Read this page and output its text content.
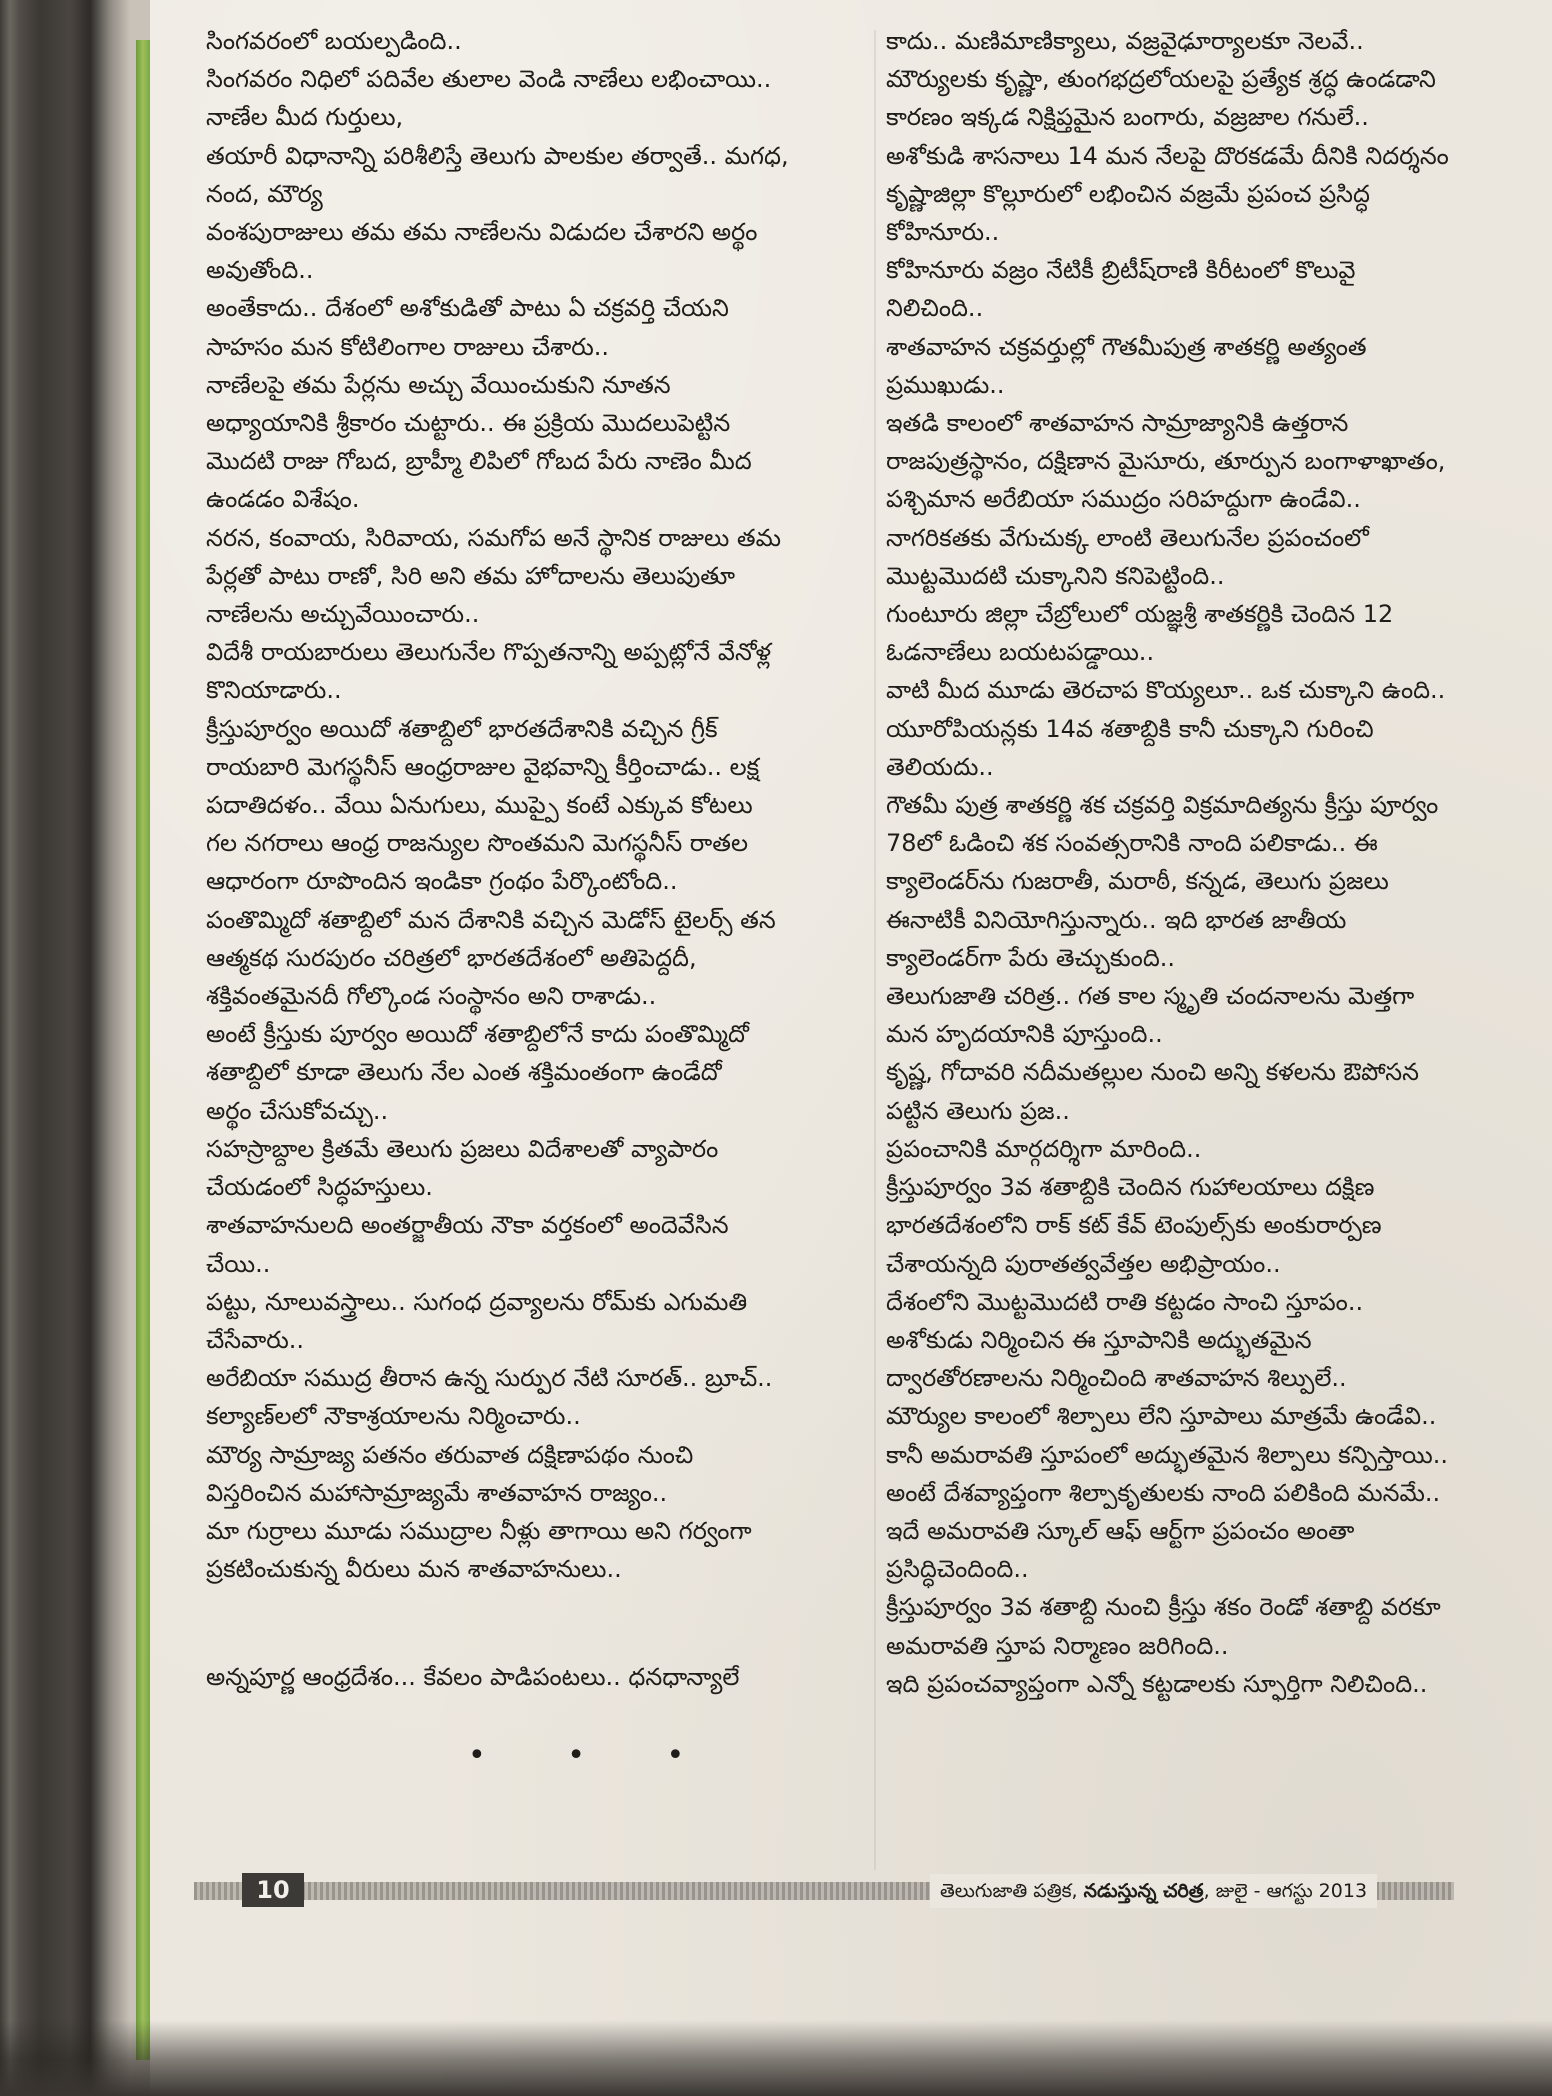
సింగవరంలో బయల్పడింది..
సింగవరం నిధిలో పదివేల తులాల వెండి నాణేలు లభించాయి..
నాణేల మీద గుర్తులు,
తయారీ విధానాన్ని పరిశీలిస్తే తెలుగు పాలకుల తర్వాతే.. మగధ,
నంద, మౌర్య
వంశపురాజులు తమ తమ నాణేలను విడుదల చేశారని అర్థం
అవుతోంది..
అంతేకాదు.. దేశంలో అశోకుడితో పాటు ఏ చక్రవర్తి చేయని
సాహసం మన కోటిలింగాల రాజులు చేశారు..
నాణేలపై తమ పేర్లను అచ్చు వేయించుకుని నూతన
అధ్యాయానికి శ్రీకారం చుట్టారు.. ఈ ప్రక్రియ మొదలుపెట్టిన
మొదటి రాజు గోబద, బ్రాహ్మీ లిపిలో గోబద పేరు నాణెం మీద
ఉండడం విశేషం.
నరన, కంవాయ, సిరివాయ, సమగోప అనే స్థానిక రాజులు తమ
పేర్లతో పాటు రాణో, సిరి అని తమ హోదాలను తెలుపుతూ
నాణేలను అచ్చువేయించారు..
విదేశీ రాయబారులు తెలుగునేల గొప్పతనాన్ని అప్పట్లోనే వేనోళ్ల
కొనియాడారు..
క్రీస్తుపూర్వం అయిదో శతాబ్దిలో భారతదేశానికి వచ్చిన గ్రీక్
రాయబారి మెగస్థనీస్ ఆంధ్రరాజుల వైభవాన్ని కీర్తించాడు.. లక్ష
పదాతిదళం.. వేయి ఏనుగులు, ముప్పై కంటే ఎక్కువ కోటలు
గల నగరాలు ఆంధ్ర రాజన్యుల సొంతమని మెగస్థనీస్ రాతల
ఆధారంగా రూపొందిన ఇండికా గ్రంథం పేర్కొంటోంది..
పంతొమ్మిదో శతాబ్దిలో మన దేశానికి వచ్చిన మెడోస్ టైలర్స్ తన
ఆత్మకథ సురపురం చరిత్రలో భారతదేశంలో అతిపెద్దదీ,
శక్తివంతమైనదీ గోల్కొండ సంస్థానం అని రాశాడు..
అంటే క్రీస్తుకు పూర్వం అయిదో శతాబ్దిలోనే కాదు పంతొమ్మిదో
శతాబ్దిలో కూడా తెలుగు నేల ఎంత శక్తిమంతంగా ఉండేదో
అర్థం చేసుకోవచ్చు..
సహస్రాబ్దాల క్రితమే తెలుగు ప్రజలు విదేశాలతో వ్యాపారం
చేయడంలో సిద్ధహస్తులు.
శాతవాహనులది అంతర్జాతీయ నౌకా వర్తకంలో అందెవేసిన
చేయి..
పట్టు, నూలువస్త్రాలు.. సుగంధ ద్రవ్యాలను రోమ్‌కు ఎగుమతి
చేసేవారు..
అరేబియా సముద్ర తీరాన ఉన్న సుర్పుర నేటి సూరత్.. బ్రూచ్..
కల్యాణ్‌లలో నౌకాశ్రయాలను నిర్మించారు..
మౌర్య సామ్రాజ్య పతనం తరువాత దక్షిణాపథం నుంచి
విస్తరించిన మహాసామ్రాజ్యమే శాతవాహన రాజ్యం..
మా గుర్రాలు మూడు సముద్రాల నీళ్లు తాగాయి అని గర్వంగా
ప్రకటించుకున్న వీరులు మన శాతవాహనులు..
అన్నపూర్ణ ఆంధ్రదేశం... కేవలం పాడిపంటలు.. ధనధాన్యాలే
• • •
కాదు.. మణిమాణిక్యాలు, వజ్రవైఢూర్యాలకూ నెలవే..
మౌర్యులకు కృష్ణా, తుంగభద్రలోయలపై ప్రత్యేక శ్రద్ధ ఉండడాని
కారణం ఇక్కడ నిక్షిప్తమైన బంగారు, వజ్రజాల గనులే..
అశోకుడి శాసనాలు 14 మన నేలపై దొరకడమే దీనికి నిదర్శనం
కృష్ణాజిల్లా కొల్లూరులో లభించిన వజ్రమే ప్రపంచ ప్రసిద్ధ
కోహినూరు..
కోహినూరు వజ్రం నేటికీ బ్రిటీష్‌రాణి కిరీటంలో కొలువై
నిలిచింది..
శాతవాహన చక్రవర్తుల్లో గౌతమీపుత్ర శాతకర్ణి అత్యంత
ప్రముఖుడు..
ఇతడి కాలంలో శాతవాహన సామ్రాజ్యానికి ఉత్తరాన
రాజపుత్రస్థానం, దక్షిణాన మైసూరు, తూర్పున బంగాళాఖాతం,
పశ్చిమాన అరేబియా సముద్రం సరిహద్దుగా ఉండేవి..
నాగరికతకు వేగుచుక్క లాంటి తెలుగునేల ప్రపంచంలో
మొట్టమొదటి చుక్కానిని కనిపెట్టింది..
గుంటూరు జిల్లా చేబ్రోలులో యజ్ఞశ్రీ శాతకర్ణికి చెందిన 12
ఓడనాణేలు బయటపడ్డాయి..
వాటి మీద మూడు తెరచాప కొయ్యలూ.. ఒక చుక్కాని ఉంది..
యూరోపియన్లకు 14వ శతాబ్దికి కానీ చుక్కాని గురించి
తెలియదు..
గౌతమీ పుత్ర శాతకర్ణి శక చక్రవర్తి విక్రమాదిత్యను క్రీస్తు పూర్వం
78లో ఓడించి శక సంవత్సరానికి నాంది పలికాడు.. ఈ
క్యాలెండర్‌ను గుజరాతీ, మరాఠీ, కన్నడ, తెలుగు ప్రజలు
ఈనాటికీ వినియోగిస్తున్నారు.. ఇది భారత జాతీయ
క్యాలెండర్‌గా పేరు తెచ్చుకుంది..
తెలుగుజాతి చరిత్ర.. గత కాల స్మృతి చందనాలను మెత్తగా
మన హృదయానికి పూస్తుంది..
కృష్ణ, గోదావరి నదీమతల్లుల నుంచి అన్ని కళలను ఔపోసన
పట్టిన తెలుగు ప్రజ..
ప్రపంచానికి మార్గదర్శిగా మారింది..
క్రీస్తుపూర్వం 3వ శతాబ్దికి చెందిన గుహాలయాలు దక్షిణ
భారతదేశంలోని రాక్ కట్ కేవ్ టెంపుల్స్‌కు అంకురార్పణ
చేశాయన్నది పురాతత్వవేత్తల అభిప్రాయం..
దేశంలోని మొట్టమొదటి రాతి కట్టడం సాంచి స్తూపం..
అశోకుడు నిర్మించిన ఈ స్తూపానికి అద్భుతమైన
ద్వారతోరణాలను నిర్మించింది శాతవాహన శిల్పులే..
మౌర్యుల కాలంలో శిల్పాలు లేని స్తూపాలు మాత్రమే ఉండేవి..
కానీ అమరావతి స్తూపంలో అద్భుతమైన శిల్పాలు కన్పిస్తాయి..
అంటే దేశవ్యాప్తంగా శిల్పాకృతులకు నాంది పలికింది మనమే..
ఇదే అమరావతి స్కూల్ ఆఫ్ ఆర్ట్‌గా ప్రపంచం అంతా
ప్రసిద్ధిచెందింది..
క్రీస్తుపూర్వం 3వ శతాబ్ది నుంచి క్రీస్తు శకం రెండో శతాబ్ది వరకూ
అమరావతి స్తూప నిర్మాణం జరిగింది..
ఇది ప్రపంచవ్యాప్తంగా ఎన్నో కట్టడాలకు స్ఫూర్తిగా నిలిచింది..
10	తెలుగుజాతి పత్రిక, నడుస్తున్న చరిత్ర, జులై - ఆగస్టు 2013
